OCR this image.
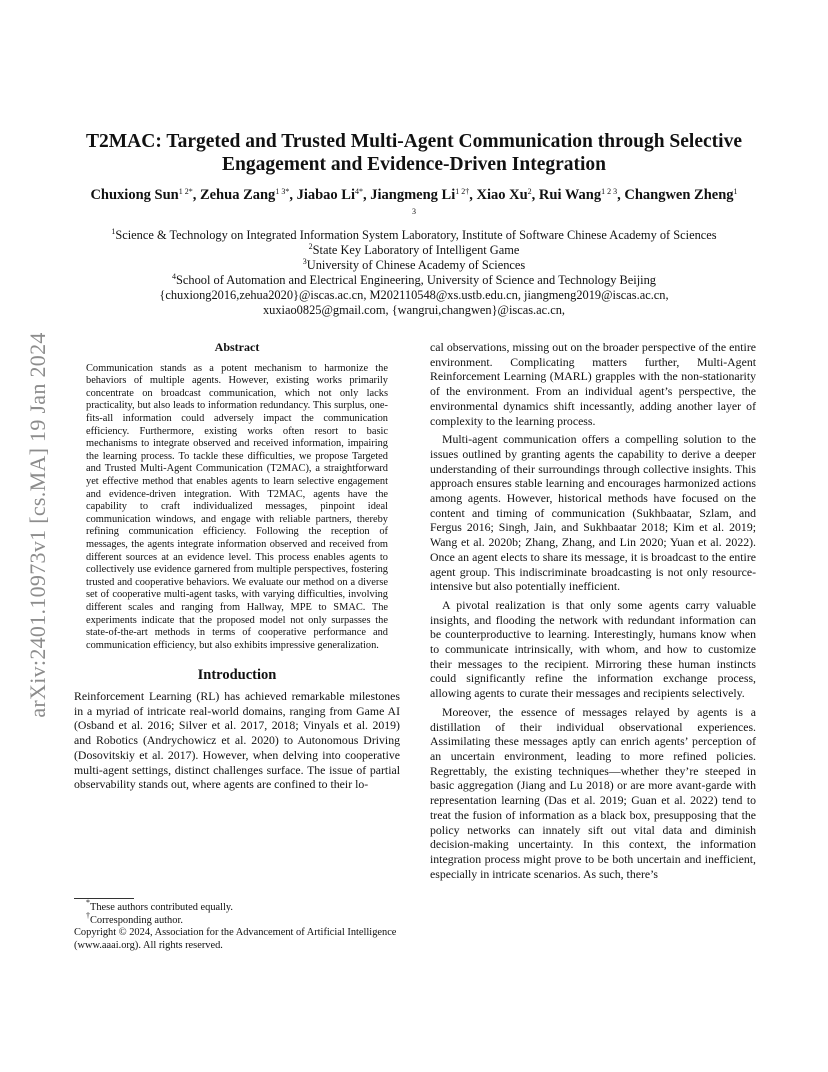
arXiv:2401.10973v1 [cs.MA] 19 Jan 2024
T2MAC: Targeted and Trusted Multi-Agent Communication through Selective Engagement and Evidence-Driven Integration
Chuxiong Sun$^{1 2*}$, Zehua Zang$^{1 3*}$, Jiabao $Li^{4*}$, Jiangmeng $Li^{1 2\dagger}$, Xiao Xu$^2$, Rui Wang$^{1 2 3}$, Changwen Zheng$^{1 3}$
$^1$Science & Technology on Integrated Information System Laboratory, Institute of Software Chinese Academy of Sciences
$^2$State Key Laboratory of Intelligent Game
$^3$University of Chinese Academy of Sciences
$^4$School of Automation and Electrical Engineering, University of Science and Technology Beijing
{chuxiong2016,zehua2020}@iscas.ac.cn, M202110548@xs.ustb.edu.cn, jiangmeng2019@iscas.ac.cn,
xuxiao0825@gmail.com, {wangrui,changwen}@iscas.ac.cn,
Abstract

Communication stands as a potent mechanism to harmonize the behaviors of multiple agents. However, existing works primarily concentrate on broadcast communication, which not only lacks practicality, but also leads to information redundancy. This surplus, one-fits-all information could adversely impact the communication efficiency. Furthermore, existing works often resort to basic mechanisms to integrate observed and received information, impairing the learning process. To tackle these difficulties, we propose Targeted and Trusted Multi-Agent Communication (T2MAC), a straightforward yet effective method that enables agents to learn selective engagement and evidence-driven integration. With T2MAC, agents have the capability to craft individualized messages, pinpoint ideal communication windows, and engage with reliable partners, thereby refining communication efficiency. Following the reception of messages, the agents integrate information observed and received from different sources at an evidence level. This process enables agents to collectively use evidence garnered from multiple perspectives, fostering trusted and cooperative behaviors. We evaluate our method on a diverse set of cooperative multi-agent tasks, with varying difficulties, involving different scales and ranging from Hallway, MPE to SMAC. The experiments indicate that the proposed model not only surpasses the state-of-the-art methods in terms of cooperative performance and communication efficiency, but also exhibits impressive generalization.

Introduction

Reinforcement Learning (RL) has achieved remarkable milestones in a myriad of intricate real-world domains, ranging from Game AI (Osband et al. 2016; Silver et al. 2017, 2018; Vinyals et al. 2019) and Robotics (Andrychowicz et al. 2020) to Autonomous Driving (Dosovitskiy et al. 2017). However, when delving into cooperative multi-agent settings, distinct challenges surface. The issue of partial observability stands out, where agents are confined to their lo-

*These authors contributed equally.
†Corresponding author.
Copyright © 2024, Association for the Advancement of Artificial Intelligence (www.aaai.org). All rights reserved.

cal observations, missing out on the broader perspective of the entire environment. Complicating matters further, Multi-Agent Reinforcement Learning (MARL) grapples with the non-stationarity of the environment. From an individual agent’s perspective, the environmental dynamics shift incessantly, adding another layer of complexity to the learning process.

Multi-agent communication offers a compelling solution to the issues outlined by granting agents the capability to derive a deeper understanding of their surroundings through collective insights. This approach ensures stable learning and encourages harmonized actions among agents. However, historical methods have focused on the content and timing of communication (Sukhbaatar, Szlam, and Fergus 2016; Singh, Jain, and Sukhbaatar 2018; Kim et al. 2019; Wang et al. 2020b; Zhang, Zhang, and Lin 2020; Yuan et al. 2022). Once an agent elects to share its message, it is broadcast to the entire agent group. This indiscriminate broadcasting is not only resource-intensive but also potentially inefficient.

A pivotal realization is that only some agents carry valuable insights, and flooding the network with redundant information can be counterproductive to learning. Interestingly, humans know when to communicate intrinsically, with whom, and how to customize their messages to the recipient. Mirroring these human instincts could significantly refine the information exchange process, allowing agents to curate their messages and recipients selectively.

Moreover, the essence of messages relayed by agents is a distillation of their individual observational experiences. Assimilating these messages aptly can enrich agents’ perception of an uncertain environment, leading to more refined policies. Regrettably, the existing techniques—whether they’re steeped in basic aggregation (Jiang and Lu 2018) or are more avant-garde with representation learning (Das et al. 2019; Guan et al. 2022) tend to treat the fusion of information as a black box, presupposing that the policy networks can innately sift out vital data and diminish decision-making uncertainty. In this context, the information integration process might prove to be both uncertain and inefficient, especially in intricate scenarios. As such, there’s
